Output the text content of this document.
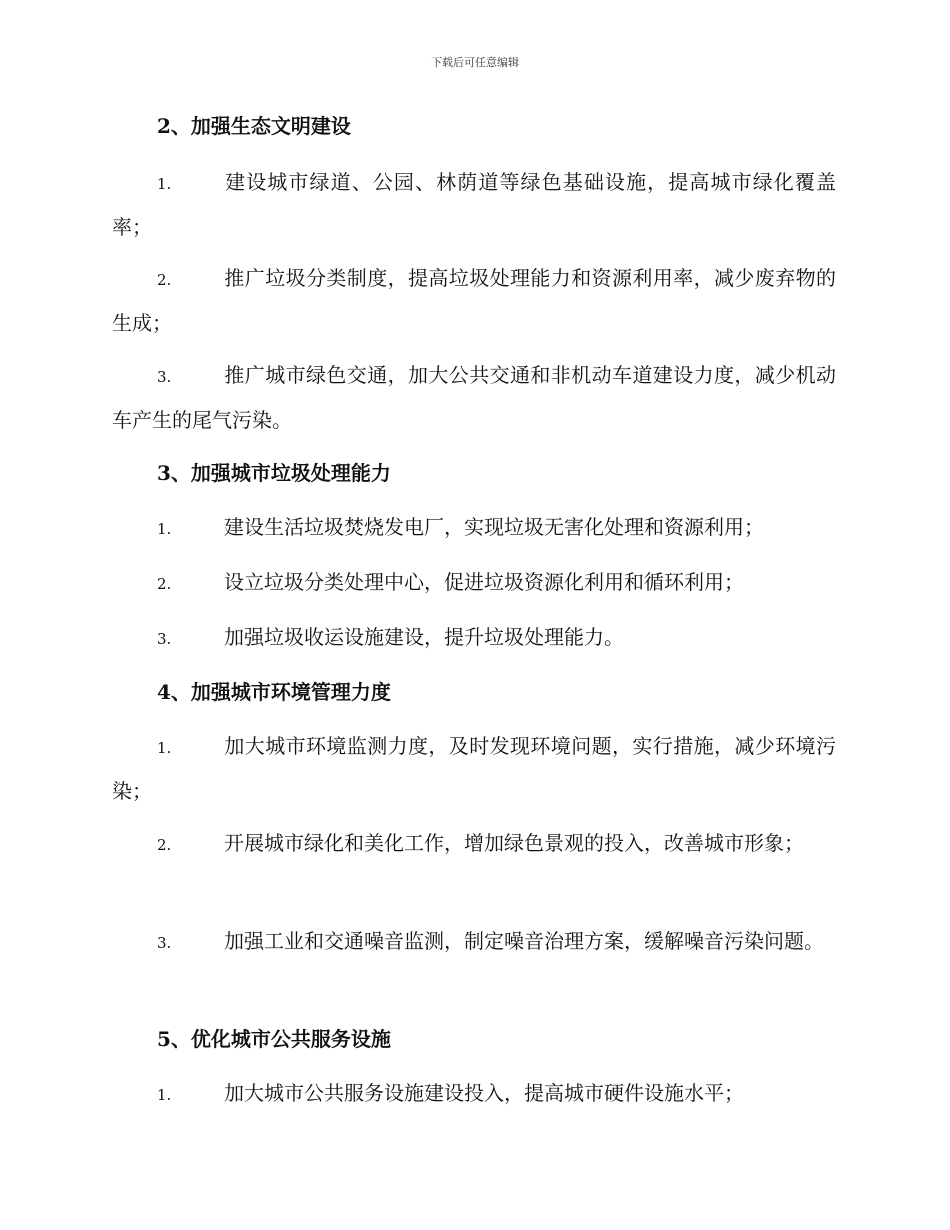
下载后可任意编辑
2、加强生态文明建设
1.	建设城市绿道、公园、林荫道等绿色基础设施，提高城市绿化覆盖率；
2.	推广垃圾分类制度，提高垃圾处理能力和资源利用率，减少废弃物的生成；
3.	推广城市绿色交通，加大公共交通和非机动车道建设力度，减少机动车产生的尾气污染。
3、加强城市垃圾处理能力
1.	建设生活垃圾焚烧发电厂，实现垃圾无害化处理和资源利用；
2.	设立垃圾分类处理中心，促进垃圾资源化利用和循环利用；
3.	加强垃圾收运设施建设，提升垃圾处理能力。
4、加强城市环境管理力度
1.	加大城市环境监测力度，及时发现环境问题，实行措施，减少环境污染；
2.	开展城市绿化和美化工作，增加绿色景观的投入，改善城市形象；
3.	加强工业和交通噪音监测，制定噪音治理方案，缓解噪音污染问题。
5、优化城市公共服务设施
1.	加大城市公共服务设施建设投入，提高城市硬件设施水平；
